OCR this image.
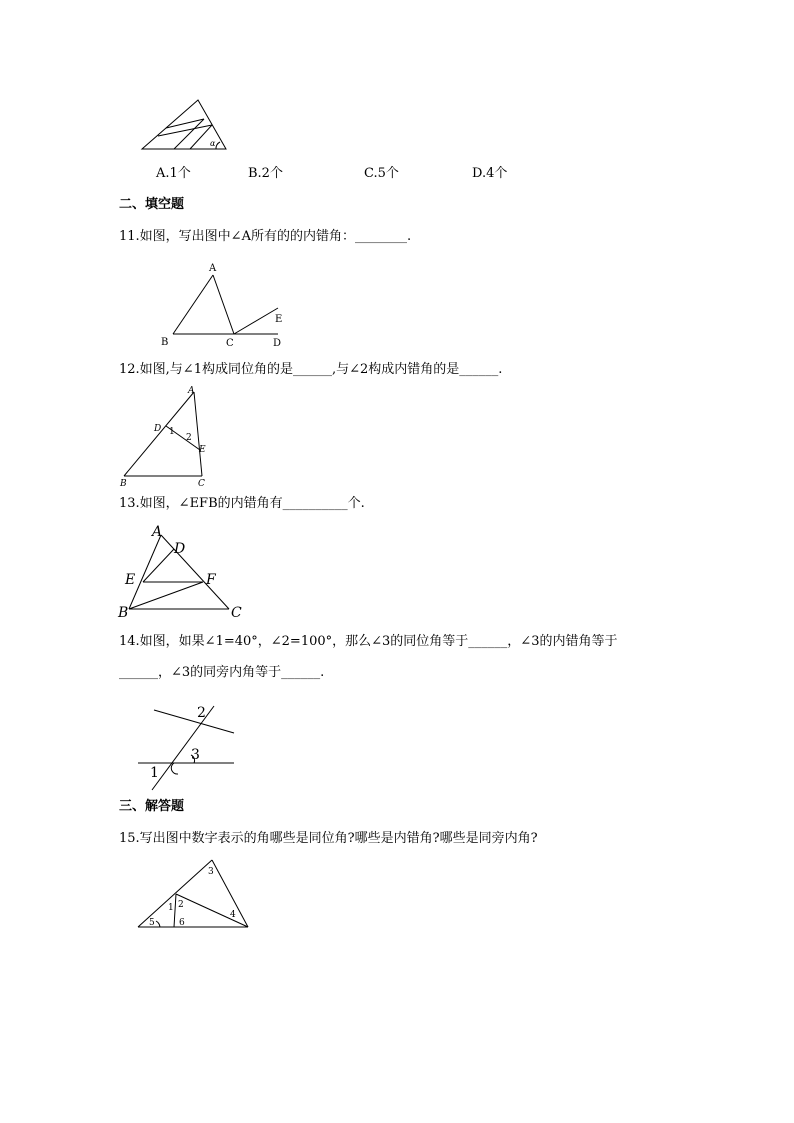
α
A.1个	B.2个	C.5个	D.4个
二、填空题
11.如图，写出图中∠A所有的的内错角：________.
A
B	C	D
E
12.如图,与∠1构成同位角的是______,与∠2构成内错角的是______.
A
D
E
B	C
1
2
13.如图，∠EFB的内错角有__________个.
A
D
E	F
B	C
14.如图，如果∠1=40°，∠2=100°，那么∠3的同位角等于______，∠3的内错角等于
______，∠3的同旁内角等于______.
2
3
1
三、解答题
15.写出图中数字表示的角哪些是同位角?哪些是内错角?哪些是同旁内角?
3
1 2
4
5	6
